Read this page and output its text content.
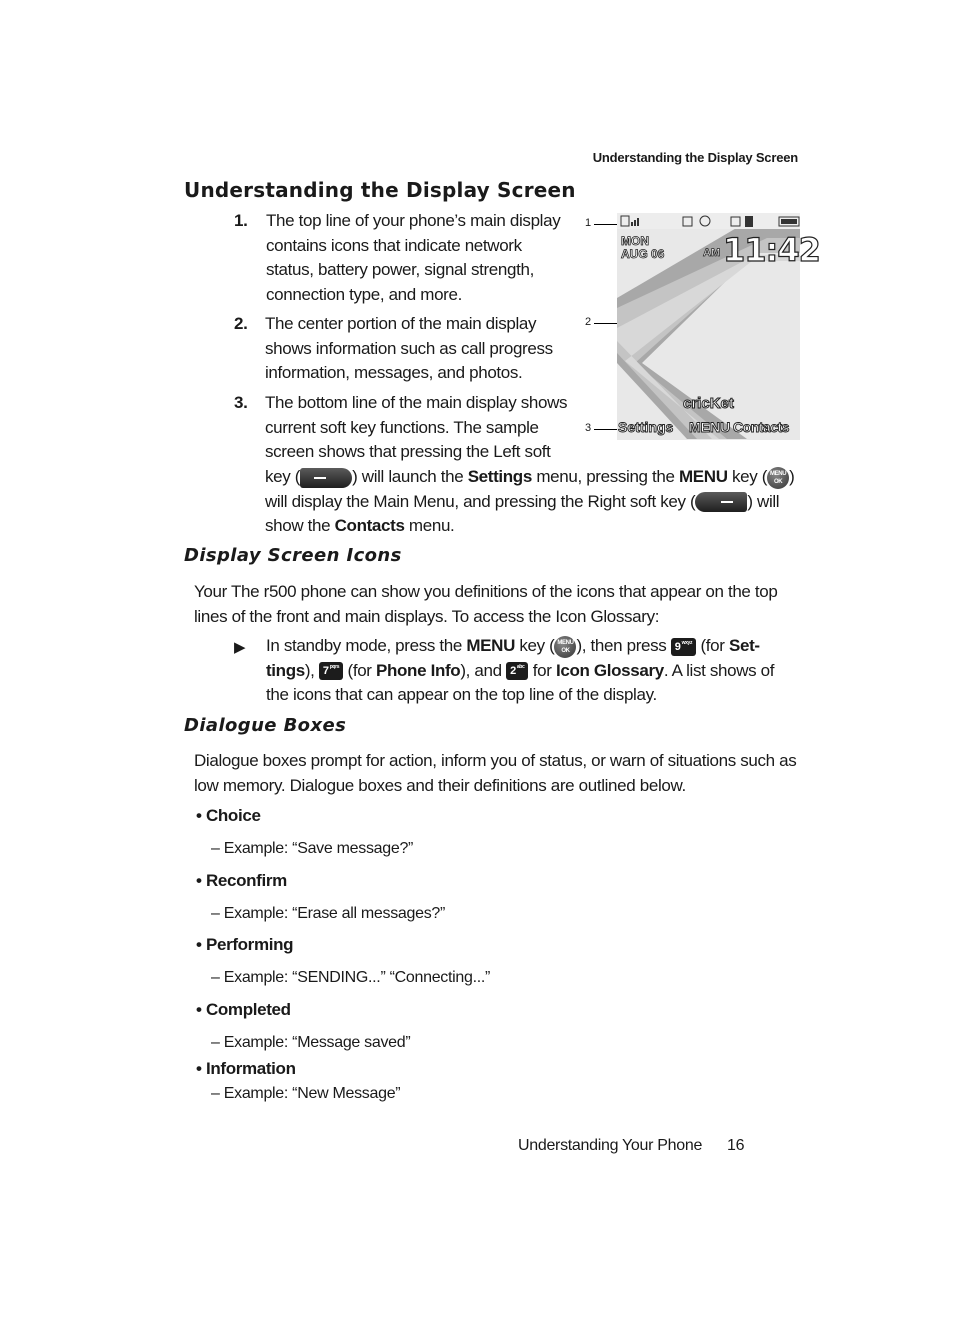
Understanding the Display Screen
Understanding the Display Screen
1. The top line of your phone’s main display
contains icons that indicate network
status, battery power, signal strength,
connection type, and more.
2. The center portion of the main display
shows information such as call progress
information, messages, and photos.
3. The bottom line of the main display shows
current soft key functions. The sample
screen shows that pressing the Left soft
key (	) will launch the Settings menu, pressing the MENU key ( MENU
OK )
will display the Main Menu, and pressing the Right soft key (	) will
show the Contacts menu.
1
2
3
MON
AUG 06	AM 11:42
cricKet
Settings MENU Contacts
Display Screen Icons
Your The r500 phone can show you definitions of the icons that appear on the top
lines of the front and main displays. To access the Icon Glossary:
▶ In standby mode, press the MENU key ( MENU
OK ), then press $9^{wxyz}$ (for Set-
tings), $7^{pqrs}$ (for Phone Info), and $2^{abc}$ for Icon Glossary. A list shows of
the icons that can appear on the top line of the display.
Dialogue Boxes
Dialogue boxes prompt for action, inform you of status, or warn of situations such as
low memory. Dialogue boxes and their definitions are outlined below.
• Choice
– Example: “Save message?”
• Reconfirm
– Example: “Erase all messages?”
• Performing
– Example: “SENDING...” “Connecting...”
• Completed
– Example: “Message saved”
• Information
– Example: “New Message”
Understanding Your Phone 16
